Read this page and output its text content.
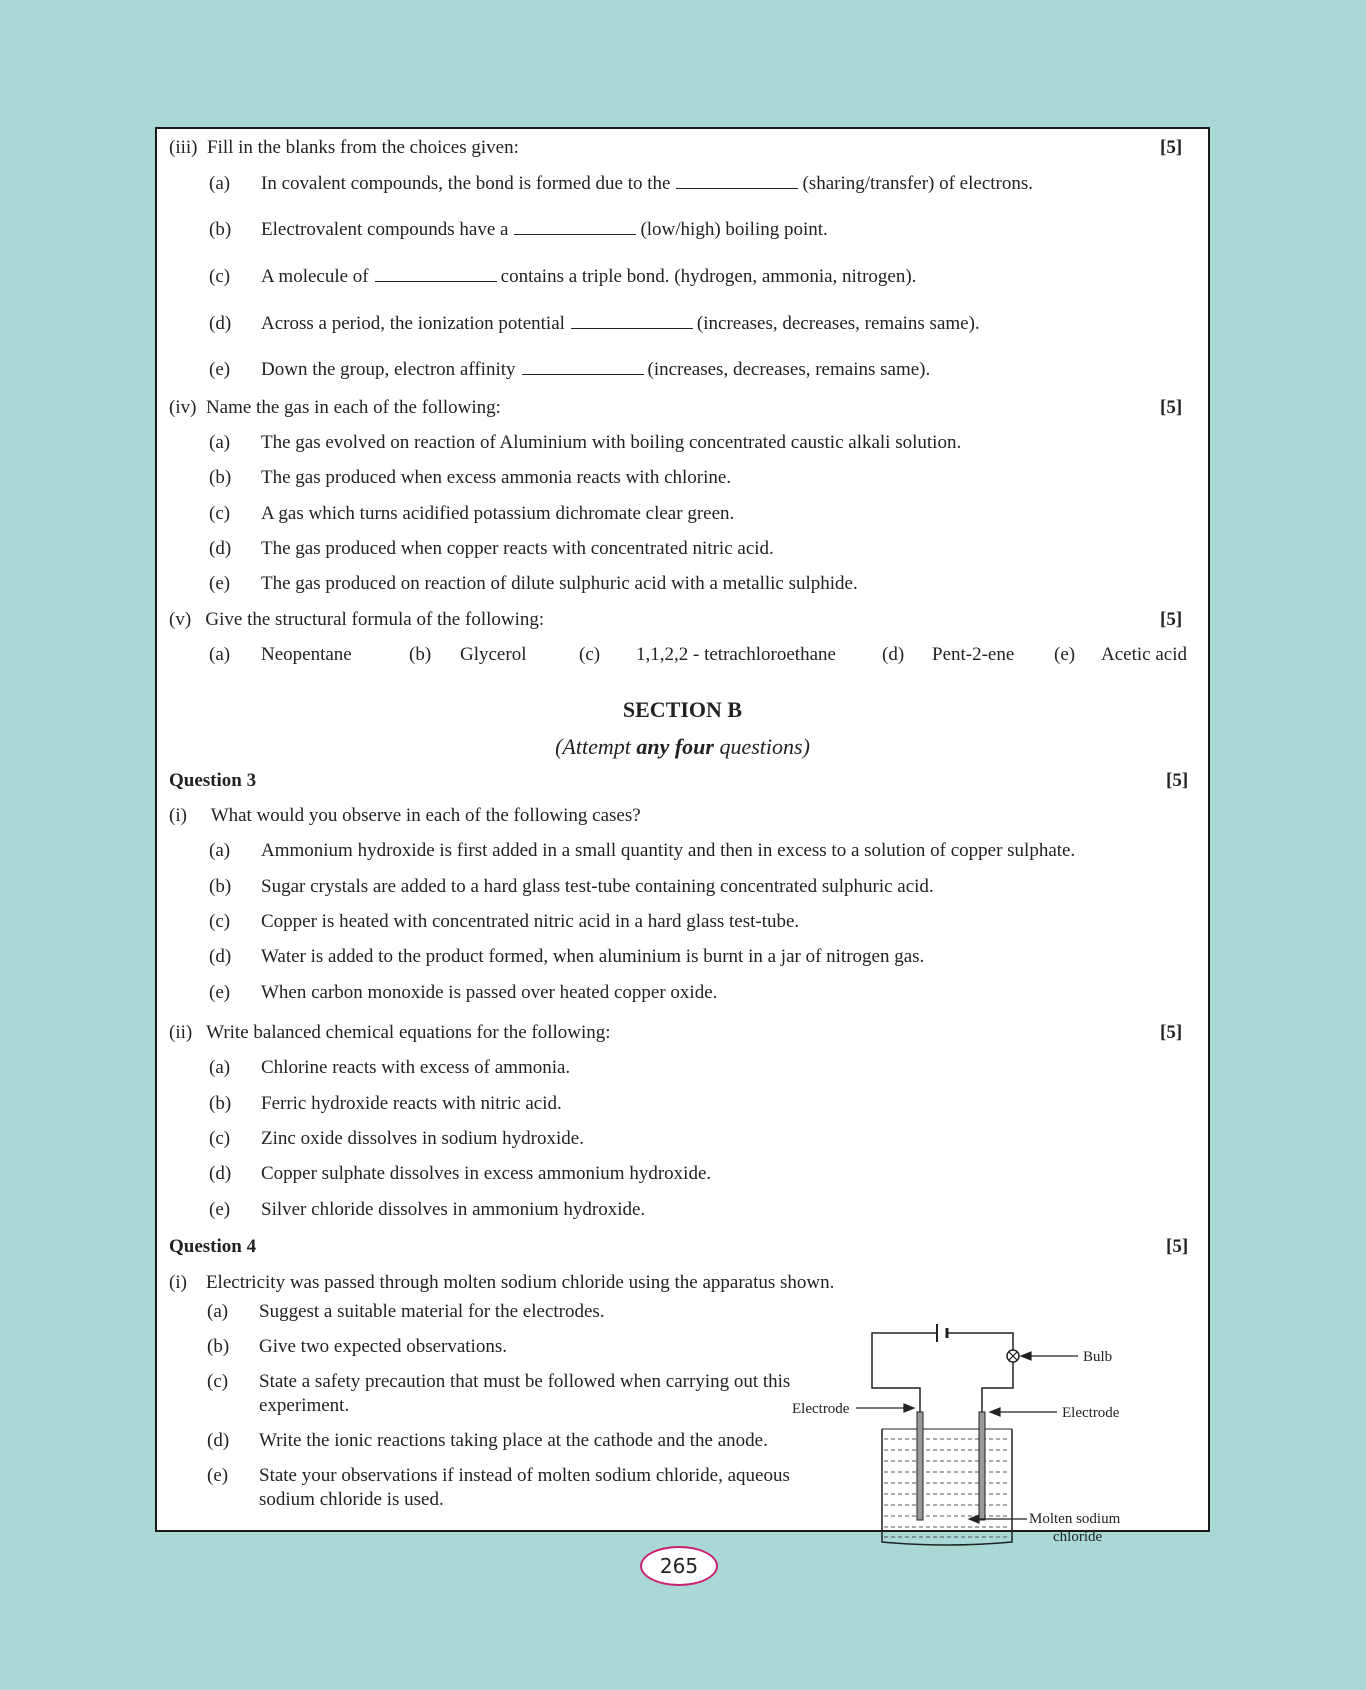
(iii) Fill in the blanks from the choices given:	[5]
(a) In covalent compounds, the bond is formed due to the	(sharing/transfer) of electrons.
(b) Electrovalent compounds have a	(low/high) boiling point.
(c) A molecule of	contains a triple bond. (hydrogen, ammonia, nitrogen).
(d) Across a period, the ionization potential	(increases, decreases, remains same).
(e) Down the group, electron affinity	(increases, decreases, remains same).
(iv) Name the gas in each of the following:	[5]
(a) The gas evolved on reaction of Aluminium with boiling concentrated caustic alkali solution.
(b) The gas produced when excess ammonia reacts with chlorine.
(c) A gas which turns acidified potassium dichromate clear green.
(d) The gas produced when copper reacts with concentrated nitric acid.
(e) The gas produced on reaction of dilute sulphuric acid with a metallic sulphide.
(v) Give the structural formula of the following:	[5]
(a) Neopentane	(b) Glycerol	(c) 1,1,2,2 - tetrachloroethane (d) Pent-2-ene (e) Acetic acid
SECTION B
(Attempt any four questions)
Question 3	[5]
(i) What would you observe in each of the following cases?
(a) Ammonium hydroxide is first added in a small quantity and then in excess to a solution of copper sulphate.
(b) Sugar crystals are added to a hard glass test-tube containing concentrated sulphuric acid.
(c) Copper is heated with concentrated nitric acid in a hard glass test-tube.
(d) Water is added to the product formed, when aluminium is burnt in a jar of nitrogen gas.
(e) When carbon monoxide is passed over heated copper oxide.
(ii) Write balanced chemical equations for the following:	[5]
(a) Chlorine reacts with excess of ammonia.
(b) Ferric hydroxide reacts with nitric acid.
(c) Zinc oxide dissolves in sodium hydroxide.
(d) Copper sulphate dissolves in excess ammonium hydroxide.
(e) Silver chloride dissolves in ammonium hydroxide.
Question 4	[5]
(i) Electricity was passed through molten sodium chloride using the apparatus shown.
(a) Suggest a suitable material for the electrodes.
(b) Give two expected observations.
(c) State a safety precaution that must be followed when carrying out this
experiment.
(d) Write the ionic reactions taking place at the cathode and the anode.
(e) State your observations if instead of molten sodium chloride, aqueous
sodium chloride is used.
Bulb
Electrode	Electrode
Molten sodium
chloride
265
